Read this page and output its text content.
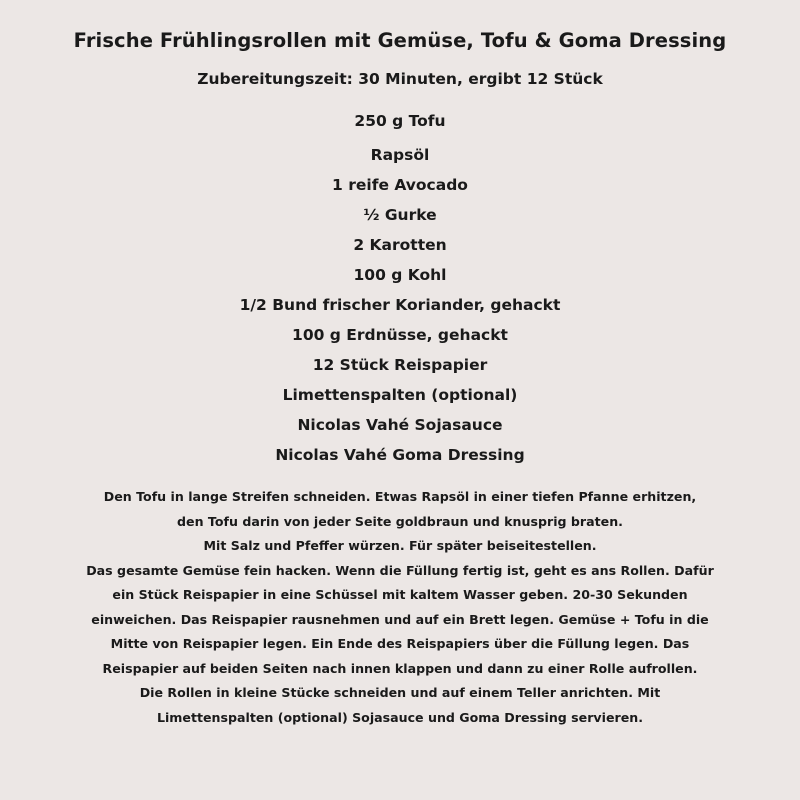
Frische Frühlingsrollen mit Gemüse, Tofu & Goma Dressing
Zubereitungszeit: 30 Minuten, ergibt 12 Stück
250 g Tofu
Rapsöl
1 reife Avocado
½ Gurke
2 Karotten
100 g Kohl
1/2 Bund frischer Koriander, gehackt
100 g Erdnüsse, gehackt
12 Stück Reispapier
Limettenspalten (optional)
Nicolas Vahé Sojasauce
Nicolas Vahé Goma Dressing

Den Tofu in lange Streifen schneiden. Etwas Rapsöl in einer tiefen Pfanne erhitzen,

den Tofu darin von jeder Seite goldbraun und knusprig braten.

Mit Salz und Pfeffer würzen. Für später beiseitestellen.

Das gesamte Gemüse fein hacken. Wenn die Füllung fertig ist, geht es ans Rollen. Dafür

ein Stück Reispapier in eine Schüssel mit kaltem Wasser geben. 20-30 Sekunden

einweichen. Das Reispapier rausnehmen und auf ein Brett legen. Gemüse + Tofu in die

Mitte von Reispapier legen. Ein Ende des Reispapiers über die Füllung legen. Das

Reispapier auf beiden Seiten nach innen klappen und dann zu einer Rolle aufrollen.

Die Rollen in kleine Stücke schneiden und auf einem Teller anrichten. Mit

Limettenspalten (optional) Sojasauce und Goma Dressing servieren.
